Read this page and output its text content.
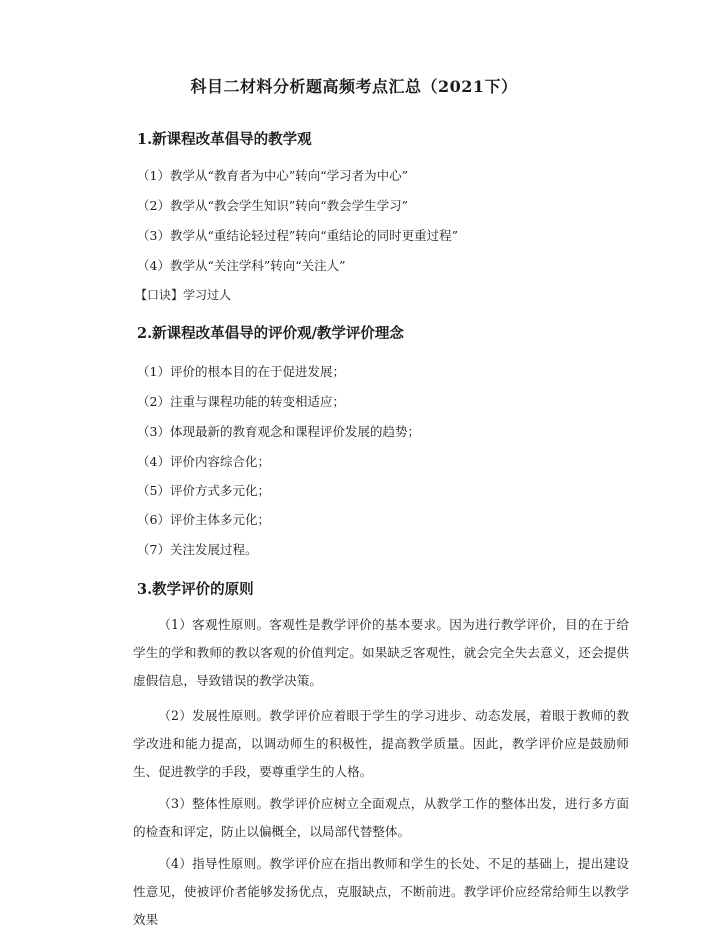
科目二材料分析题高频考点汇总（2021下）
1.新课程改革倡导的教学观

（1）教学从“教育者为中心”转向“学习者为中心”

（2）教学从“教会学生知识”转向“教会学生学习”

（3）教学从“重结论轻过程”转向“重结论的同时更重过程”

（4）教学从“关注学科”转向“关注人”

【口诀】学习过人

2.新课程改革倡导的评价观/教学评价理念

（1）评价的根本目的在于促进发展；

（2）注重与课程功能的转变相适应；

（3）体现最新的教育观念和课程评价发展的趋势；

（4）评价内容综合化；

（5）评价方式多元化；

（6）评价主体多元化；

（7）关注发展过程。

3.教学评价的原则

（1）客观性原则。客观性是教学评价的基本要求。因为进行教学评价，目的在于给学生的学和教师的教以客观的价值判定。如果缺乏客观性，就会完全失去意义，还会提供虚假信息，导致错误的教学决策。

（2）发展性原则。教学评价应着眼于学生的学习进步、动态发展，着眼于教师的教学改进和能力提高，以调动师生的积极性，提高教学质量。因此，教学评价应是鼓励师生、促进教学的手段，要尊重学生的人格。

（3）整体性原则。教学评价应树立全面观点，从教学工作的整体出发，进行多方面的检查和评定，防止以偏概全，以局部代替整体。

（4）指导性原则。教学评价应在指出教师和学生的长处、不足的基础上，提出建设性意见，使被评价者能够发扬优点，克服缺点，不断前进。教学评价应经常给师生以教学效果
